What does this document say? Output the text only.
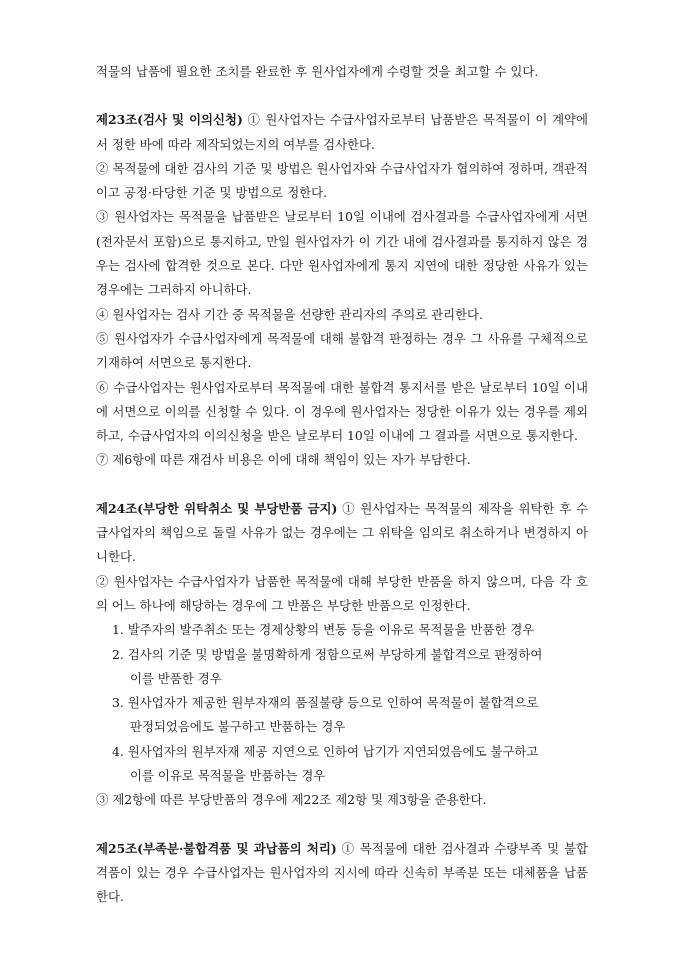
적물의 납품에 필요한 조치를 완료한 후 원사업자에게 수령할 것을 최고할 수 있다.

제23조(검사 및 이의신청) ① 원사업자는 수급사업자로부터 납품받은 목적물이 이 계약에서 정한 바에 따라 제작되었는지의 여부를 검사한다.

② 목적물에 대한 검사의 기준 및 방법은 원사업자와 수급사업자가 협의하여 정하며, 객관적이고 공정·타당한 기준 및 방법으로 정한다.

③ 원사업자는 목적물을 납품받은 날로부터 10일 이내에 검사결과를 수급사업자에게 서면(전자문서 포함)으로 통지하고, 만일 원사업자가 이 기간 내에 검사결과를 통지하지 않은 경우는 검사에 합격한 것으로 본다. 다만 원사업자에게 통지 지연에 대한 정당한 사유가 있는 경우에는 그러하지 아니하다.

④ 원사업자는 검사 기간 중 목적물을 선량한 관리자의 주의로 관리한다.

⑤ 원사업자가 수급사업자에게 목적물에 대해 불합격 판정하는 경우 그 사유를 구체적으로 기재하여 서면으로 통지한다.

⑥ 수급사업자는 원사업자로부터 목적물에 대한 불합격 통지서를 받은 날로부터 10일 이내에 서면으로 이의를 신청할 수 있다. 이 경우에 원사업자는 정당한 이유가 있는 경우를 제외하고, 수급사업자의 이의신청을 받은 날로부터 10일 이내에 그 결과를 서면으로 통지한다.

⑦ 제6항에 따른 재검사 비용은 이에 대해 책임이 있는 자가 부담한다.

제24조(부당한 위탁취소 및 부당반품 금지) ① 원사업자는 목적물의 제작을 위탁한 후 수급사업자의 책임으로 돌릴 사유가 없는 경우에는 그 위탁을 임의로 취소하거나 변경하지 아니한다.

② 원사업자는 수급사업자가 납품한 목적물에 대해 부당한 반품을 하지 않으며, 다음 각 호의 어느 하나에 해당하는 경우에 그 반품은 부당한 반품으로 인정한다.

1. 발주자의 발주취소 또는 경제상황의 변동 등을 이유로 목적물을 반품한 경우

2. 검사의 기준 및 방법을 불명확하게 정함으로써 부당하게 불합격으로 판정하여
이를 반품한 경우

3. 원사업자가 제공한 원부자재의 품질불량 등으로 인하여 목적물이 불합격으로
판정되었음에도 불구하고 반품하는 경우

4. 원사업자의 원부자재 제공 지연으로 인하여 납기가 지연되었음에도 불구하고
이를 이유로 목적물을 반품하는 경우

③ 제2항에 따른 부당반품의 경우에 제22조 제2항 및 제3항을 준용한다.

제25조(부족분·불합격품 및 과납품의 처리) ① 목적물에 대한 검사결과 수량부족 및 불합격품이 있는 경우 수급사업자는 원사업자의 지시에 따라 신속히 부족분 또는 대체품을 납품한다.
